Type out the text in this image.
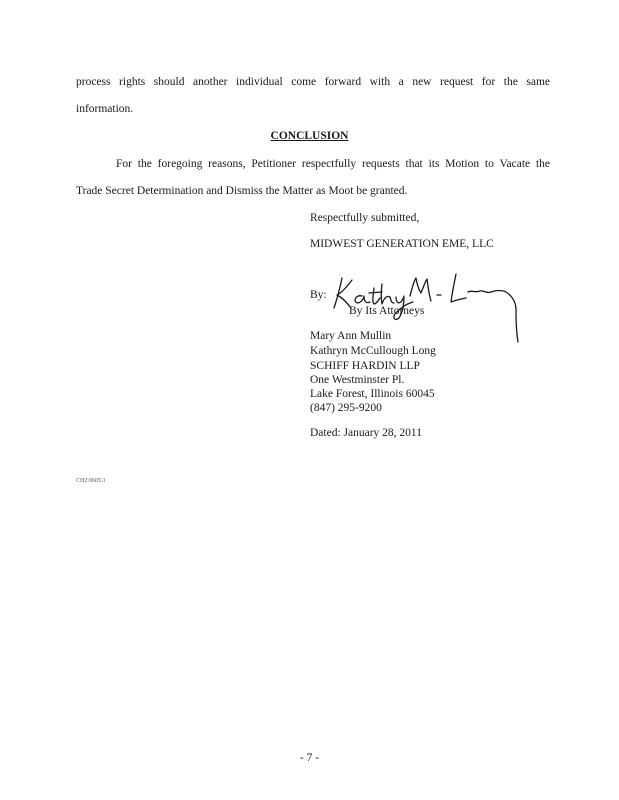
process rights should another individual come forward with a new request for the same
information.
CONCLUSION
For the foregoing reasons, Petitioner respectfully requests that its Motion to Vacate the
Trade Secret Determination and Dismiss the Matter as Moot be granted.
Respectfully submitted,
MIDWEST GENERATION EME, LLC
By:
By Its Attorneys
Mary Ann Mullin
Kathryn McCullough Long
SCHIFF HARDIN LLP
One Westminster Pl.
Lake Forest, Illinois 60045
(847) 295-9200
Dated: January 28, 2011
CH2\9605\1
- 7 -
